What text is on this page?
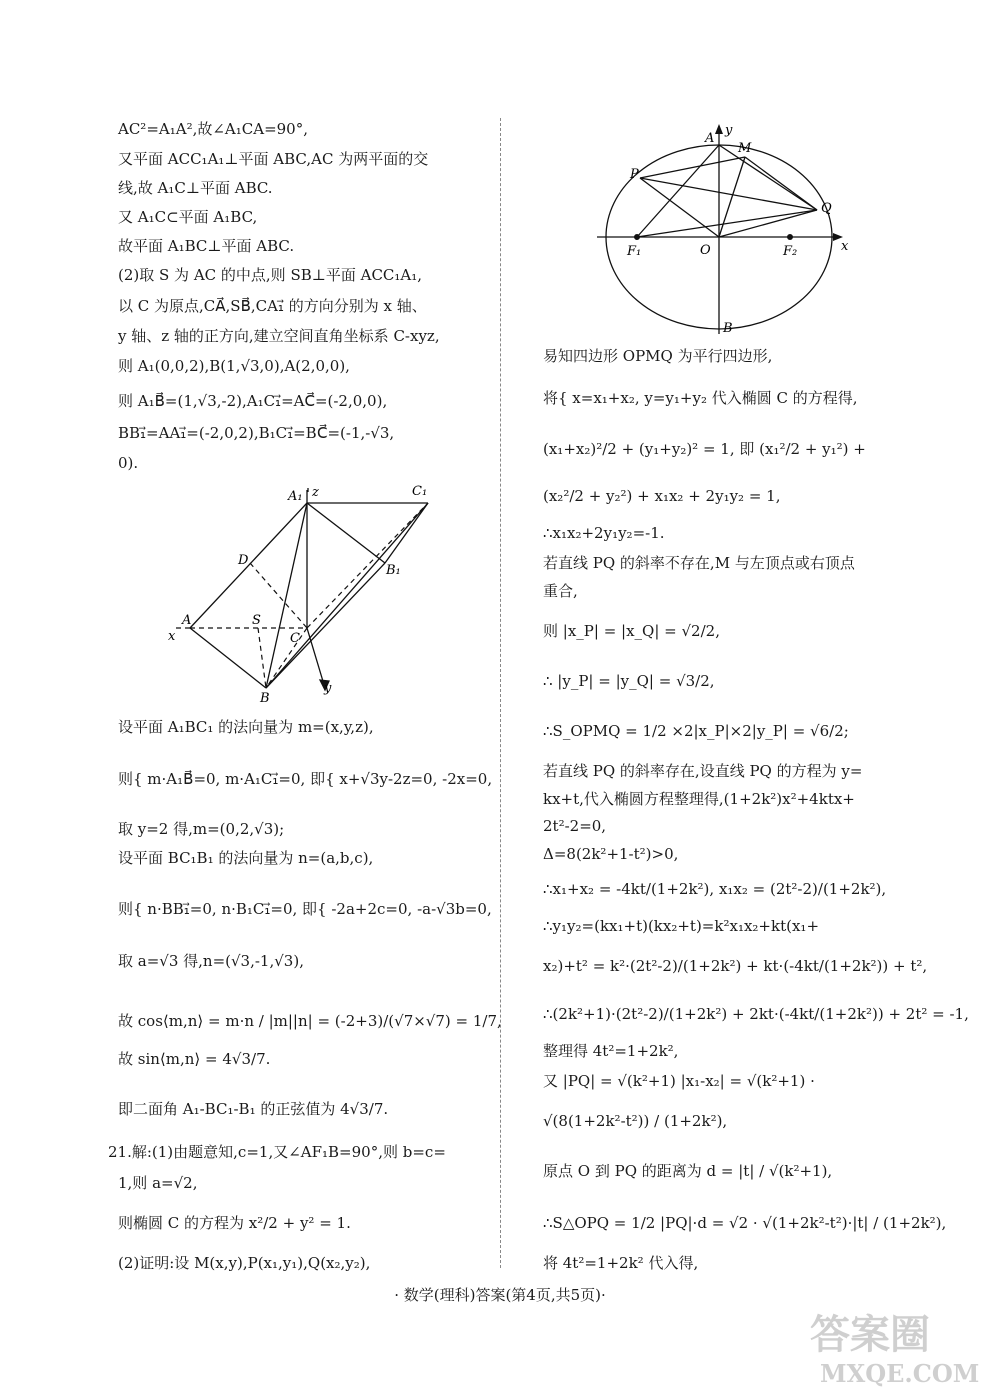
AC²=A₁A²,故∠A₁CA=90°,
又平面 ACC₁A₁⊥平面 ABC,AC 为两平面的交
线,故 A₁C⊥平面 ABC.
又 A₁C⊂平面 A₁BC,
故平面 A₁BC⊥平面 ABC.
(2)取 S 为 AC 的中点,则 SB⊥平面 ACC₁A₁,
以 C 为原点,CA⃗,SB⃗,CA₁⃗ 的方向分别为 x 轴、
y 轴、z 轴的正方向,建立空间直角坐标系 C-xyz,
则 A₁(0,0,2),B(1,√3,0),A(2,0,0),
则 A₁B⃗=(1,√3,-2),A₁C₁⃗=AC⃗=(-2,0,0),
BB₁⃗=AA₁⃗=(-2,0,2),B₁C₁⃗=BC⃗=(-1,-√3,
0).
A₁ z	C₁
D
B₁
A	S
C
x
B
y
设平面 A₁BC₁ 的法向量为 m=(x,y,z),
则{ m·A₁B⃗=0, m·A₁C₁⃗=0, 即{ x+√3y-2z=0, -2x=0,
取 y=2 得,m=(0,2,√3);
设平面 BC₁B₁ 的法向量为 n=(a,b,c),
则{ n·BB₁⃗=0, n·B₁C₁⃗=0, 即{ -2a+2c=0, -a-√3b=0,
取 a=√3 得,n=(√3,-1,√3),
故 cos⟨m,n⟩ = m·n / |m||n| = (-2+3)/(√7×√7) = 1/7,
故 sin⟨m,n⟩ = 4√3/7.
即二面角 A₁-BC₁-B₁ 的正弦值为 4√3/7.
21.解:(1)由题意知,c=1,又∠AF₁B=90°,则 b=c=
1,则 a=√2,
则椭圆 C 的方程为 x²/2 + y² = 1.
(2)证明:设 M(x,y),P(x₁,y₁),Q(x₂,y₂),
y
A
M
P
Q
F₁	O	F₂	x
B
易知四边形 OPMQ 为平行四边形,
将{ x=x₁+x₂, y=y₁+y₂ 代入椭圆 C 的方程得,
(x₁+x₂)²/2 + (y₁+y₂)² = 1, 即 (x₁²/2 + y₁²) +
(x₂²/2 + y₂²) + x₁x₂ + 2y₁y₂ = 1,
∴x₁x₂+2y₁y₂=-1.
若直线 PQ 的斜率不存在,M 与左顶点或右顶点
重合,
则 |x_P| = |x_Q| = √2/2,
∴ |y_P| = |y_Q| = √3/2,
∴S_OPMQ = 1/2 ×2|x_P|×2|y_P| = √6/2;
若直线 PQ 的斜率存在,设直线 PQ 的方程为 y=
kx+t,代入椭圆方程整理得,(1+2k²)x²+4ktx+
2t²-2=0,
Δ=8(2k²+1-t²)>0,
∴x₁+x₂ = -4kt/(1+2k²), x₁x₂ = (2t²-2)/(1+2k²),
∴y₁y₂=(kx₁+t)(kx₂+t)=k²x₁x₂+kt(x₁+
x₂)+t² = k²·(2t²-2)/(1+2k²) + kt·(-4kt/(1+2k²)) + t²,
∴(2k²+1)·(2t²-2)/(1+2k²) + 2kt·(-4kt/(1+2k²)) + 2t² = -1,
整理得 4t²=1+2k²,
又 |PQ| = √(k²+1) |x₁-x₂| = √(k²+1) ·
√(8(1+2k²-t²)) / (1+2k²),
原点 O 到 PQ 的距离为 d = |t| / √(k²+1),
∴S△OPQ = 1/2 |PQ|·d = √2 · √(1+2k²-t²)·|t| / (1+2k²),
将 4t²=1+2k² 代入得,
· 数学(理科)答案(第4页,共5页)·
答案圈
MXQE.COM
